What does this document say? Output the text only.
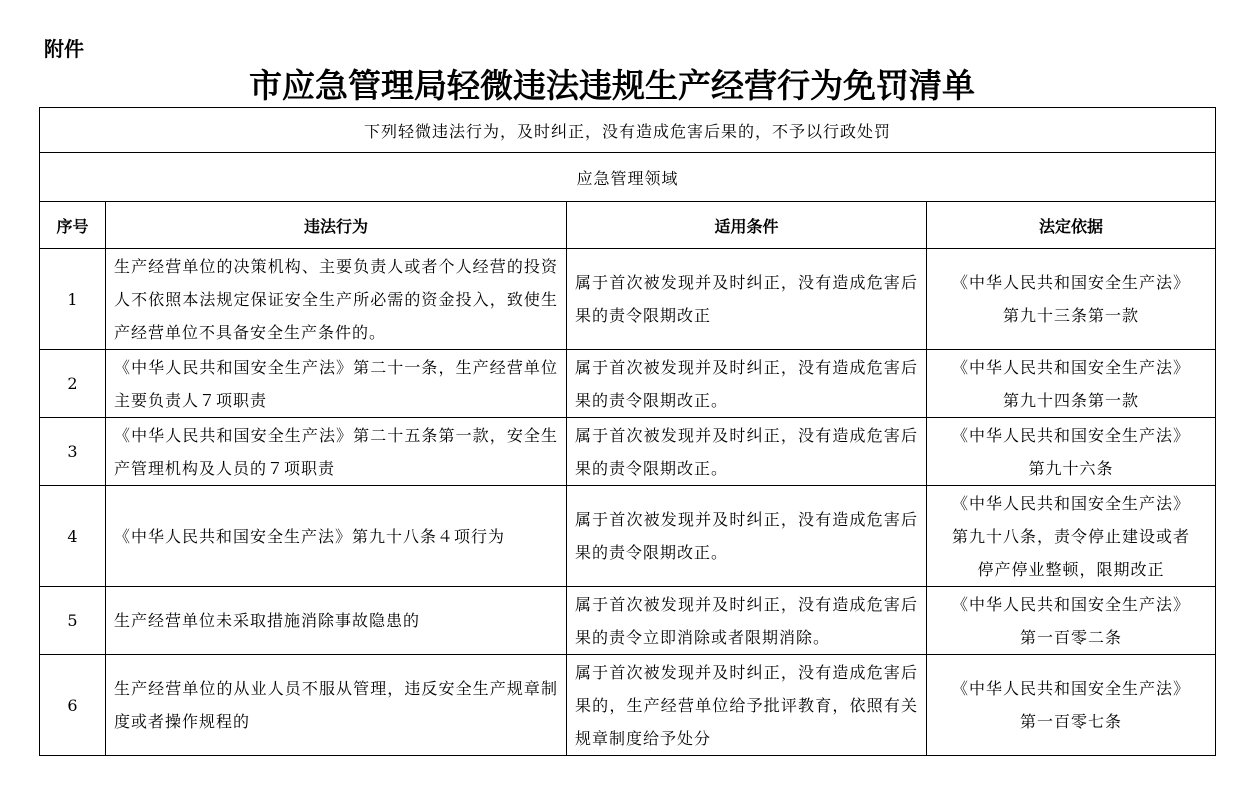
附件
市应急管理局轻微违法违规生产经营行为免罚清单
下列轻微违法行为，及时纠正，没有造成危害后果的，不予以行政处罚			
应急管理领域			
序号	违法行为	适用条件	法定依据
1	生产经营单位的决策机构、主要负责人或者个人经营的投资人不依照本法规定保证安全生产所必需的资金投入，致使生产经营单位不具备安全生产条件的。	属于首次被发现并及时纠正，没有造成危害后果的责令限期改正	《中华人民共和国安全生产法》
第九十三条第一款

2	《中华人民共和国安全生产法》第二十一条，生产经营单位主要负责人７项职责	属于首次被发现并及时纠正，没有造成危害后果的责令限期改正。	《中华人民共和国安全生产法》
第九十四条第一款

3	《中华人民共和国安全生产法》第二十五条第一款，安全生产管理机构及人员的７项职责	属于首次被发现并及时纠正，没有造成危害后果的责令限期改正。	《中华人民共和国安全生产法》
第九十六条

4	《中华人民共和国安全生产法》第九十八条４项行为	属于首次被发现并及时纠正，没有造成危害后果的责令限期改正。	《中华人民共和国安全生产法》
第九十八条，责令停止建设或者
停产停业整顿，限期改正

5	生产经营单位未采取措施消除事故隐患的	属于首次被发现并及时纠正，没有造成危害后果的责令立即消除或者限期消除。	《中华人民共和国安全生产法》
第一百零二条

6	生产经营单位的从业人员不服从管理，违反安全生产规章制度或者操作规程的	属于首次被发现并及时纠正，没有造成危害后果的，生产经营单位给予批评教育，依照有关规章制度给予处分	《中华人民共和国安全生产法》
第一百零七条
